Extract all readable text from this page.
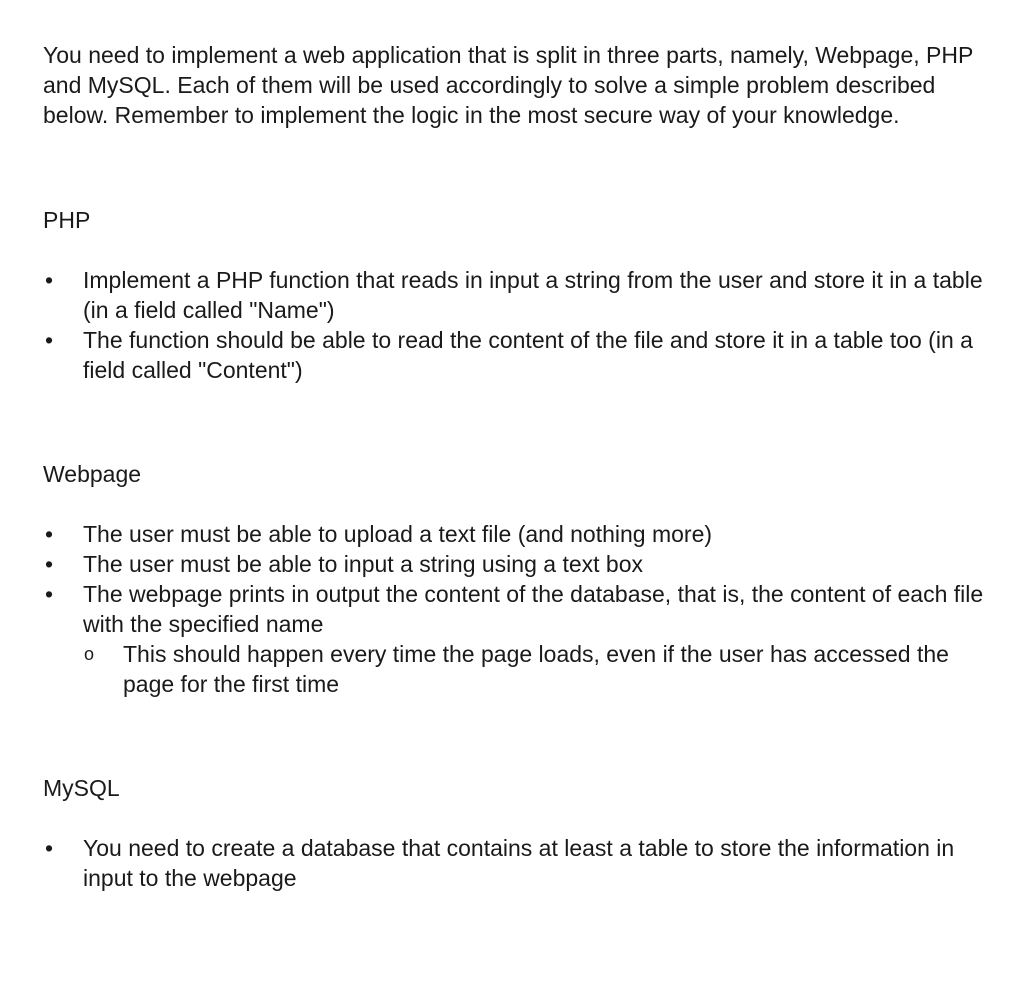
You need to implement a web application that is split in three parts, namely, Webpage, PHP and MySQL. Each of them will be used accordingly to solve a simple problem described below. Remember to implement the logic in the most secure way of your knowledge.

PHP

• Implement a PHP function that reads in input a string from the user and store it in a table (in a field called "Name")
• The function should be able to read the content of the file and store it in a table too (in a field called "Content")

Webpage

• The user must be able to upload a text file (and nothing more)
• The user must be able to input a string using a text box
• The webpage prints in output the content of the database, that is, the content of each file with the specified name
o This should happen every time the page loads, even if the user has accessed the page for the first time

MySQL

• You need to create a database that contains at least a table to store the information in input to the webpage
